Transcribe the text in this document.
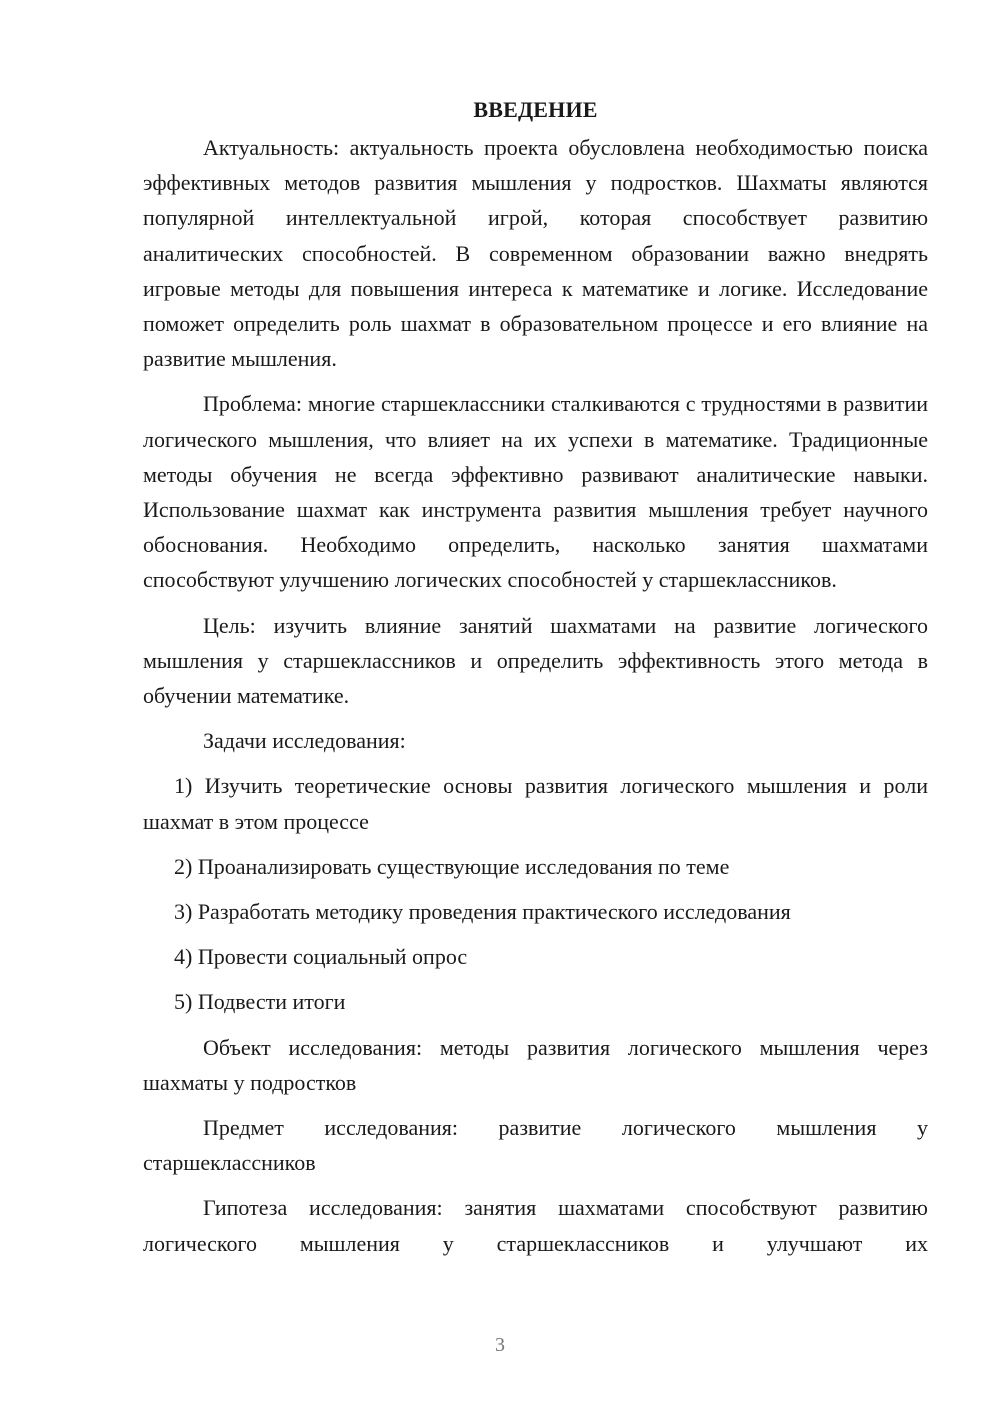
ВВЕДЕНИЕ

Актуальность: актуальность проекта обусловлена необходимостью поиска эффективных методов развития мышления у подростков. Шахматы являются популярной интеллектуальной игрой, которая способствует развитию аналитических способностей. В современном образовании важно внедрять игровые методы для повышения интереса к математике и логике. Исследование поможет определить роль шахмат в образовательном процессе и его влияние на развитие мышления.

Проблема: многие старшеклассники сталкиваются с трудностями в развитии логического мышления, что влияет на их успехи в математике. Традиционные методы обучения не всегда эффективно развивают аналитические навыки. Использование шахмат как инструмента развития мышления требует научного обоснования. Необходимо определить, насколько занятия шахматами способствуют улучшению логических способностей у старшеклассников.

Цель: изучить влияние занятий шахматами на развитие логического мышления у старшеклассников и определить эффективность этого метода в обучении математике.

Задачи исследования:

1) Изучить теоретические основы развития логического мышления и роли шахмат в этом процессе

2) Проанализировать существующие исследования по теме

3) Разработать методику проведения практического исследования

4) Провести социальный опрос

5) Подвести итоги

Объект исследования: методы развития логического мышления через шахматы у подростков

Предмет исследования: развитие логического мышления у старшеклассников

Гипотеза исследования: занятия шахматами способствуют развитию логического мышления у старшеклассников и улучшают их

3
